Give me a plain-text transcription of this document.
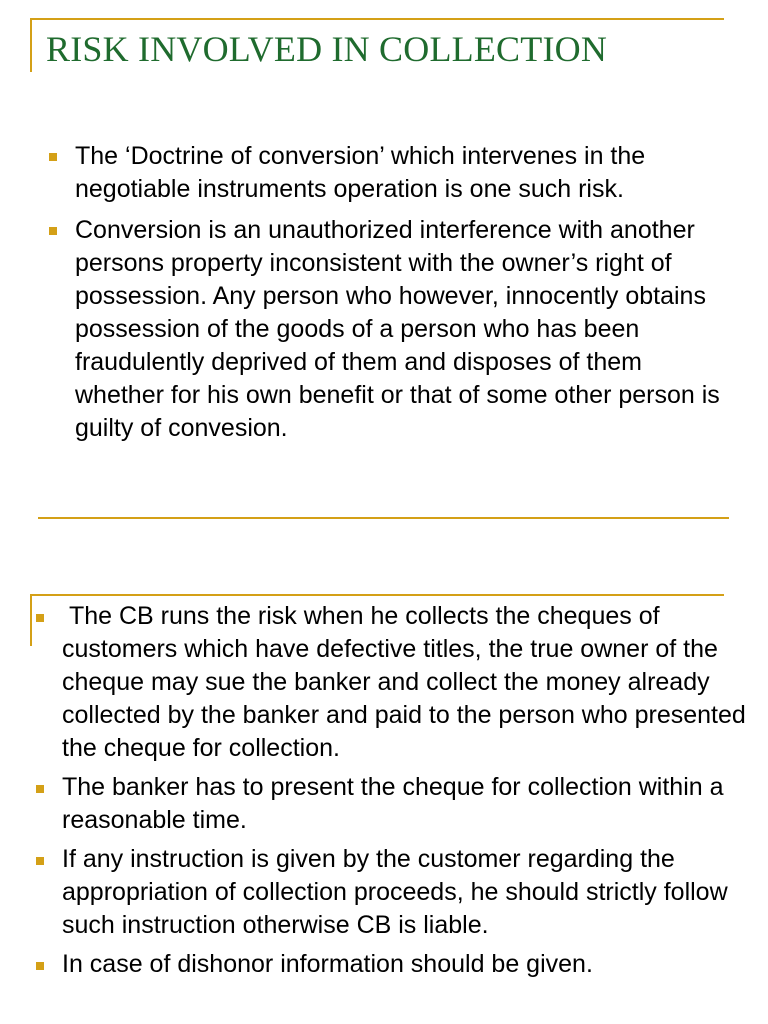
RISK INVOLVED IN COLLECTION
The ‘Doctrine of conversion’ which intervenes in the negotiable instruments operation is one such risk.
Conversion is an unauthorized interference with another persons property inconsistent with the owner’s right of possession. Any person who however, innocently obtains possession of the goods of a person who has been fraudulently deprived of them and disposes of them whether for his own benefit or that of some other person is guilty of convesion.
The CB runs the risk when he collects the cheques of customers which have defective titles, the true owner of the cheque may sue the banker and collect the money already collected by the banker and paid to the person who presented the cheque for collection.
The banker has to present the cheque for collection within a reasonable time.
If any instruction is given by the customer regarding the appropriation of collection proceeds, he should strictly follow such instruction otherwise CB is liable.
In case of dishonor information should be given.
